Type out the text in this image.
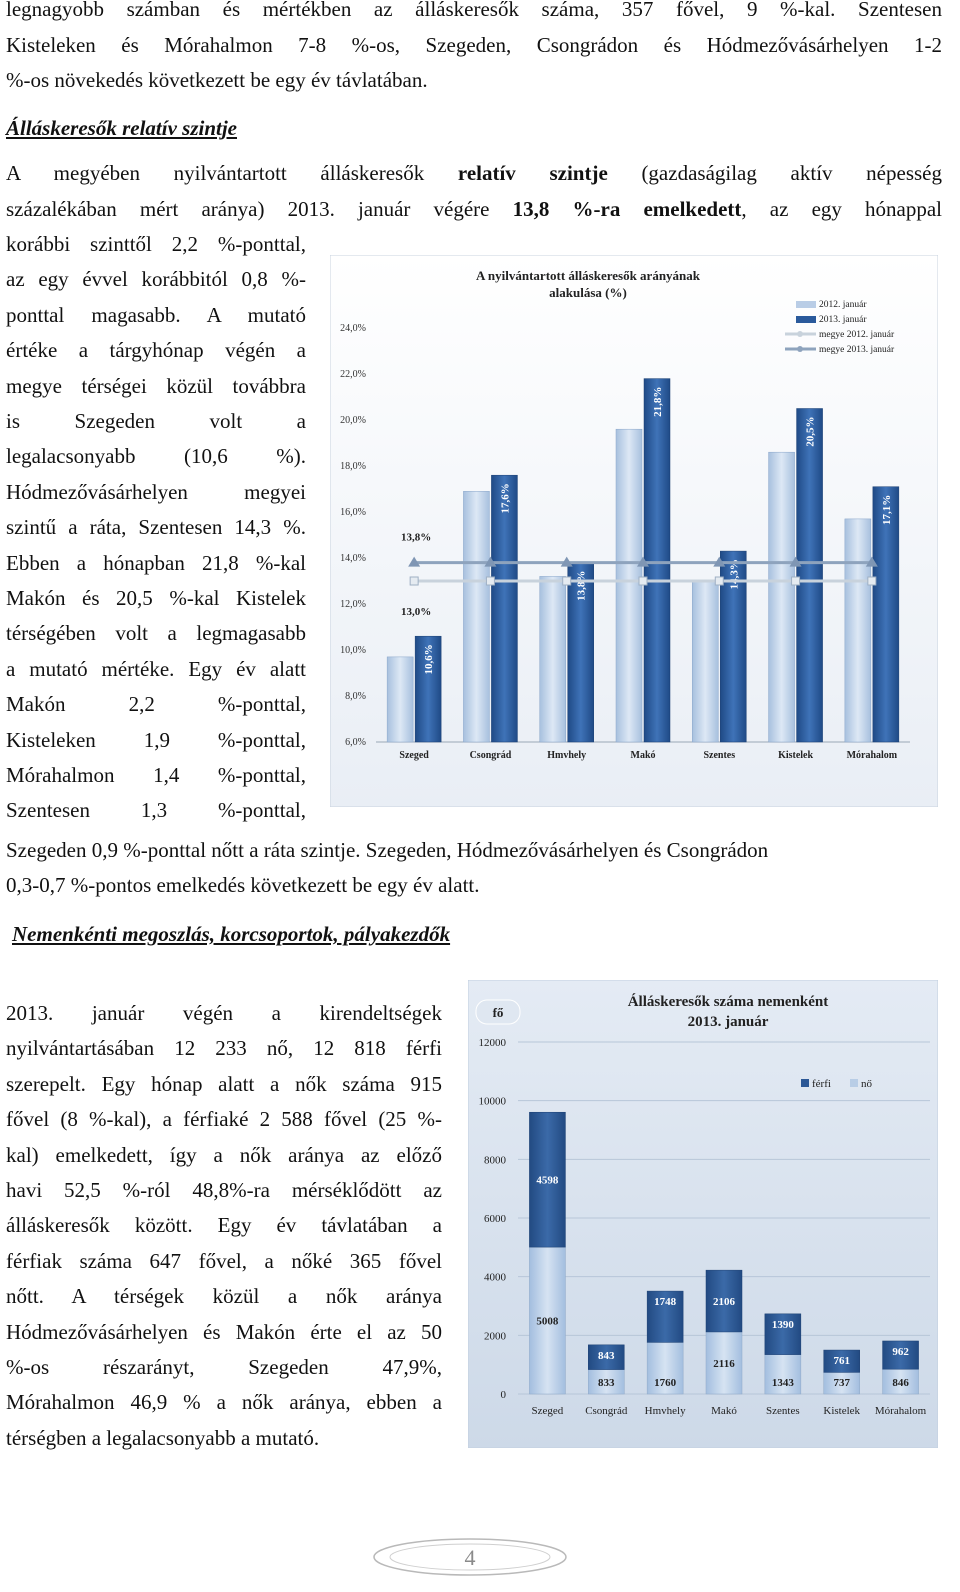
legnagyobb számban és mértékben az álláskeresők száma, 357 fővel, 9 %-kal. Szentesen
Kisteleken és Mórahalmon 7-8 %-os, Szegeden, Csongrádon és Hódmezővásárhelyen 1-2
%-os növekedés következett be egy év távlatában.
Álláskeresők relatív szintje
A megyében nyilvántartott álláskeresők relatív szintje (gazdaságilag aktív népesség
százalékában mért aránya) 2013. január végére 13,8 %-ra emelkedett, az egy hónappal
korábbi szinttől 2,2 %-ponttal,
az egy évvel korábbitól 0,8 %-
ponttal magasabb. A mutató
értéke a tárgyhónap végén a
megye térségei közül továbbra
is Szegeden volt a
legalacsonyabb (10,6 %).
Hódmezővásárhelyen megyei
szintű a ráta, Szentesen 14,3 %.
Ebben a hónapban 21,8 %-kal
Makón és 20,5 %-kal Kistelek
térségében volt a legmagasabb
a mutató mértéke. Egy év alatt
Makón 2,2 %-ponttal,
Kisteleken 1,9 %-ponttal,
Mórahalmon 1,4 %-ponttal,
Szentesen 1,3 %-ponttal,
A nyilvántartott álláskeresők arányának
alakulása (%)
6,0%
8,0%
10,0%
12,0%
14,0%
16,0%
18,0%
20,0%
22,0%
24,0%
10,6%
Szeged
17,6%
Csongrád
13,8%
Hmvhely
21,8%
Makó
14,3%
Szentes
20,5%
Kistelek
17,1%
Mórahalom
13,0%
13,8%
2012. január
2013. január
megye 2012. január
megye 2013. január
Szegeden 0,9 %-ponttal nőtt a ráta szintje. Szegeden, Hódmezővásárhelyen és Csongrádon
0,3-0,7 %-pontos emelkedés következett be egy év alatt.
Nemenkénti megoszlás, korcsoportok, pályakezdők
2013. január végén a kirendeltségek
nyilvántartásában 12 233 nő, 12 818 férfi
szerepelt. Egy hónap alatt a nők száma 915
fővel (8 %-kal), a férfiaké 2 588 fővel (25 %-
kal) emelkedett, így a nők aránya az előző
havi 52,5 %-ról 48,8%-ra mérséklődött az
álláskeresők között. Egy év távlatában a
férfiak száma 647 fővel, a nőké 365 fővel
nőtt. A térségek közül a nők aránya
Hódmezővásárhelyen és Makón érte el az 50
%-os részarányt, Szegeden 47,9%,
Mórahalmon 46,9 % a nők aránya, ebben a
térségben a legalacsonyabb a mutató.
Álláskeresők száma nemenként
2013. január
fő
0
2000
4000
6000
8000
10000
12000
5008
4598
Szeged
833
843
Csongrád
1760
1748
Hmvhely
2116
2106
Makó
1343
1390
Szentes
737
761
Kistelek
846
962
Mórahalom
férfi	nő
4
